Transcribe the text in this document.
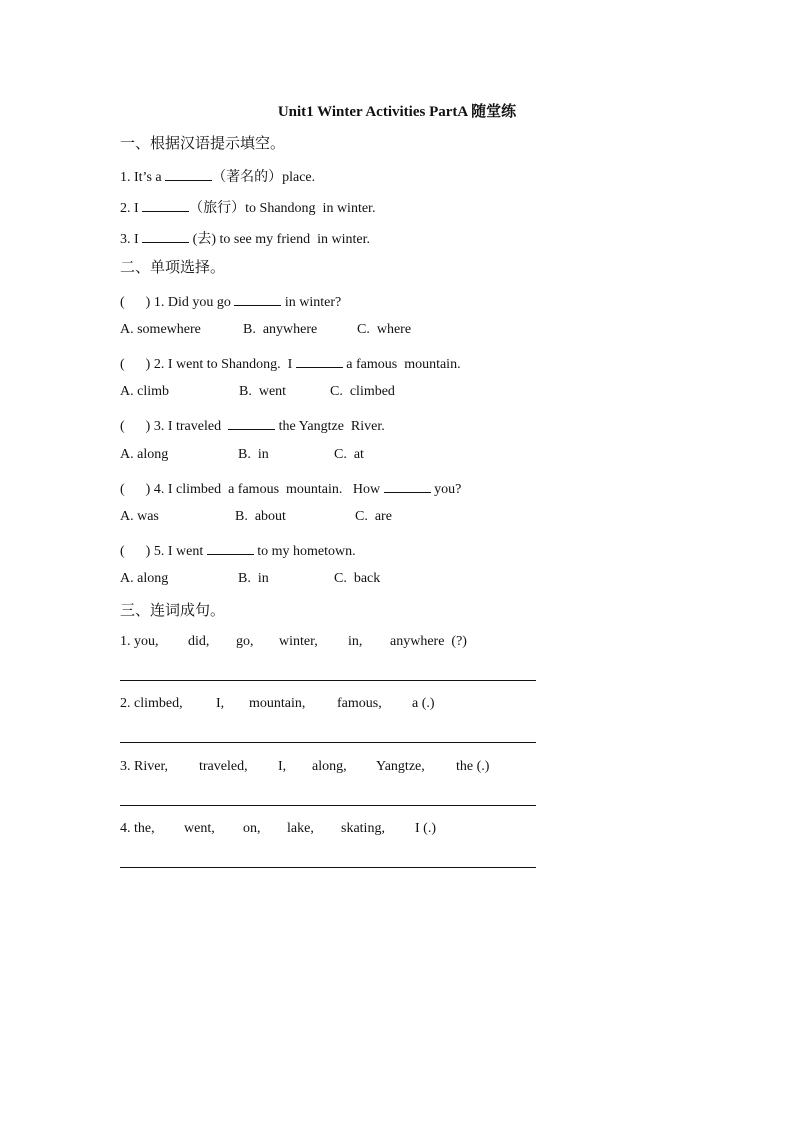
Unit1 Winter Activities PartA 随堂练
一、根据汉语提示填空。
1. It’s a	（著名的）place.
2. I	（旅行）to Shandong  in winter.
3. I	(去) to see my friend  in winter.
二、单项选择。
(      ) 1. Did you go	in winter?
A. somewhere	B.  anywhere	C.  where
(      ) 2. I went to Shandong.  I	a famous  mountain.
A. climb	B.  went	C.  climbed
(      ) 3. I traveled	the Yangtze  River.
A. along	B.  in	C.  at
(      ) 4. I climbed  a famous  mountain.   How	you?
A. was	B.  about	C.  are
(      ) 5. I went	to my hometown.
A. along	B.  in	C.  back
三、连词成句。
1. you, did, go, winter, in, anywhere  (?)
2. climbed, I, mountain, famous, a (.)
3. River, traveled, I, along, Yangtze, the (.)
4. the, went, on, lake, skating, I (.)
